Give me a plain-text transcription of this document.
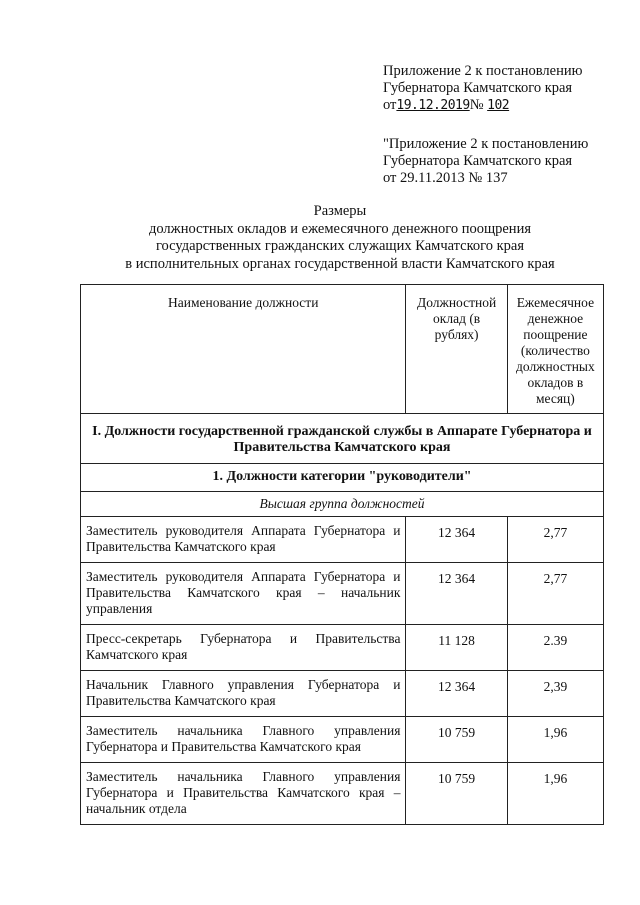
Приложение 2 к постановлению
Губернатора Камчатского края
от19.12.2019№ 102
"Приложение 2 к постановлению
Губернатора Камчатского края
от 29.11.2013 № 137
Размеры
должностных окладов и ежемесячного денежного поощрения
государственных гражданских служащих Камчатского края
в исполнительных органах государственной власти Камчатского края
Наименование должности	Должностной оклад (в рублях)	Ежемесячное денежное поощрение (количество должностных окладов в месяц)
I. Должности государственной гражданской службы в Аппарате Губернатора и Правительства Камчатского края		
1. Должности категории "руководители"		
Высшая группа должностей		
Заместитель руководителя Аппарата Губернатора и Правительства Камчатского края	12 364	2,77
Заместитель руководителя Аппарата Губернатора и Правительства Камчатского края – начальник управления	12 364	2,77
Пресс-секретарь Губернатора и Правительства Камчатского края	11 128	2.39
Начальник Главного управления Губернатора и Правительства Камчатского края	12 364	2,39
Заместитель начальника Главного управления Губернатора и Правительства Камчатского края	10 759	1,96
Заместитель начальника Главного управления Губернатора и Правительства Камчатского края – начальник отдела	10 759	1,96
